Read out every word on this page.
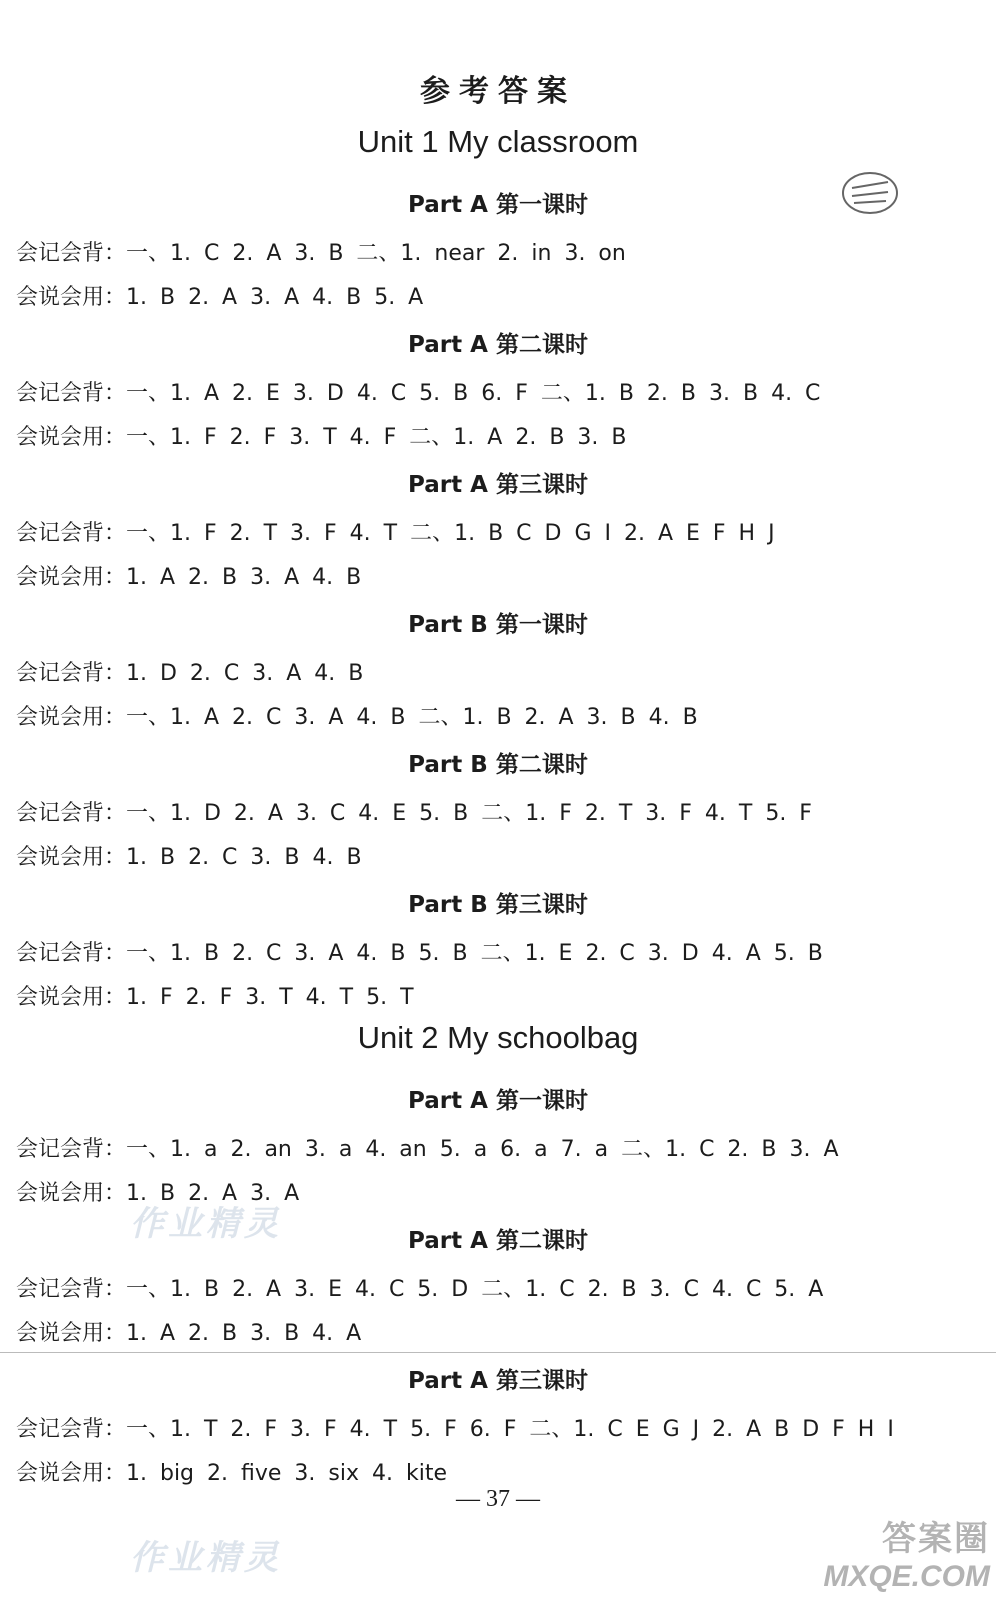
参考答案
Unit 1 My classroom
Part A 第一课时
会记会背：一、1. C 2. A 3. B 二、1. near 2. in 3. on
会说会用：1. B 2. A 3. A 4. B 5. A
Part A 第二课时
会记会背：一、1. A 2. E 3. D 4. C 5. B 6. F 二、1. B 2. B 3. B 4. C
会说会用：一、1. F 2. F 3. T 4. F 二、1. A 2. B 3. B
Part A 第三课时
会记会背：一、1. F 2. T 3. F 4. T 二、1. B C D G I 2. A E F H J
会说会用：1. A 2. B 3. A 4. B
Part B 第一课时
会记会背：1. D 2. C 3. A 4. B
会说会用：一、1. A 2. C 3. A 4. B 二、1. B 2. A 3. B 4. B
Part B 第二课时
会记会背：一、1. D 2. A 3. C 4. E 5. B 二、1. F 2. T 3. F 4. T 5. F
会说会用：1. B 2. C 3. B 4. B
Part B 第三课时
会记会背：一、1. B 2. C 3. A 4. B 5. B 二、1. E 2. C 3. D 4. A 5. B
会说会用：1. F 2. F 3. T 4. T 5. T
Unit 2 My schoolbag
Part A 第一课时
会记会背：一、1. a 2. an 3. a 4. an 5. a 6. a 7. a 二、1. C 2. B 3. A
会说会用：1. B 2. A 3. A
作业精灵	Part A 第二课时
会记会背：一、1. B 2. A 3. E 4. C 5. D 二、1. C 2. B 3. C 4. C 5. A
会说会用：1. A 2. B 3. B 4. A
Part A 第三课时
会记会背：一、1. T 2. F 3. F 4. T 5. F 6. F 二、1. C E G J 2. A B D F H I
会说会用：1. big 2. five 3. six 4. kite
— 37 —
作业精灵	答案圈
MXQE.COM
